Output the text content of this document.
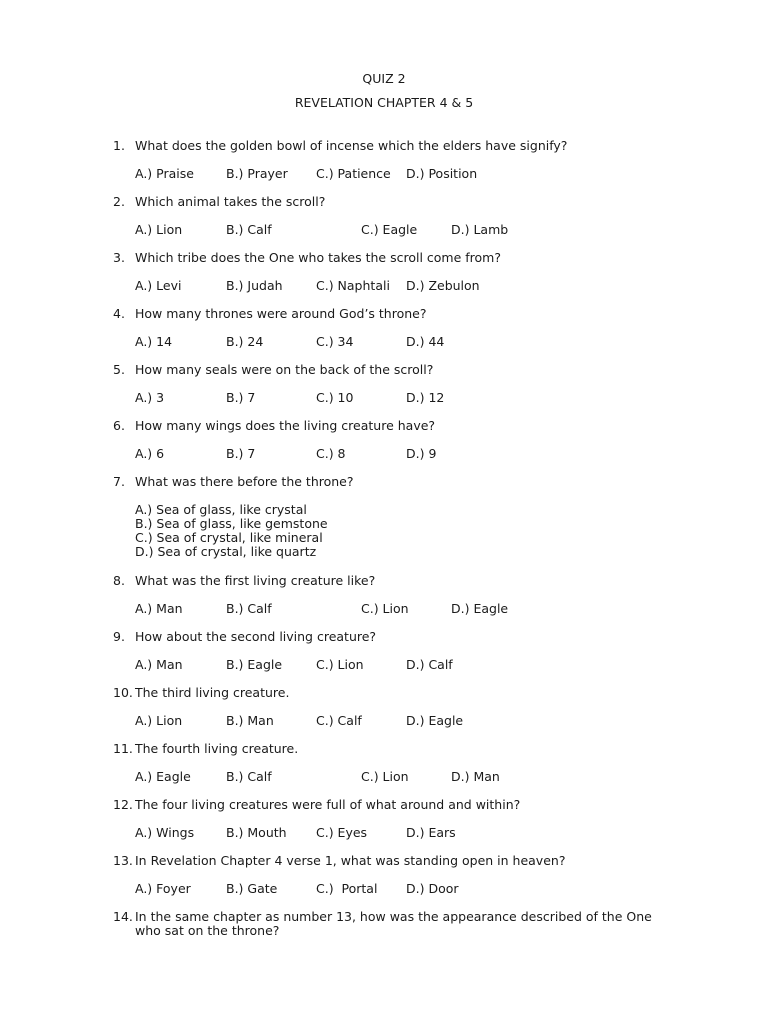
QUIZ 2
REVELATION CHAPTER 4 & 5
1. What does the golden bowl of incense which the elders have signify?
A.) Praise	B.) Prayer C.) Patience D.) Position
2. Which animal takes the scroll?
A.) Lion	B.) Calf	C.) Eagle	D.) Lamb
3. Which tribe does the One who takes the scroll come from?
A.) Levi	B.) Judah	C.) Naphtali D.) Zebulon
4. How many thrones were around God’s throne?
A.) 14	B.) 24	C.) 34	D.) 44
5. How many seals were on the back of the scroll?
A.) 3	B.) 7	C.) 10	D.) 12
6. How many wings does the living creature have?
A.) 6	B.) 7	C.) 8	D.) 9
7. What was there before the throne?
A.) Sea of glass, like crystal
B.) Sea of glass, like gemstone
C.) Sea of crystal, like mineral
D.) Sea of crystal, like quartz
8. What was the first living creature like?
A.) Man	B.) Calf	C.) Lion	D.) Eagle
9. How about the second living creature?
A.) Man	B.) Eagle	C.) Lion	D.) Calf
10. The third living creature.
A.) Lion	B.) Man	C.) Calf	D.) Eagle
11. The fourth living creature.
A.) Eagle	B.) Calf	C.) Lion	D.) Man
12. The four living creatures were full of what around and within?
A.) Wings	B.) Mouth C.) Eyes	D.) Ears
13. In Revelation Chapter 4 verse 1, what was standing open in heaven?
A.) Foyer	B.) Gate	C.)  Portal D.) Door
14. In the same chapter as number 13, how was the appearance described of the One who sat on the throne?
